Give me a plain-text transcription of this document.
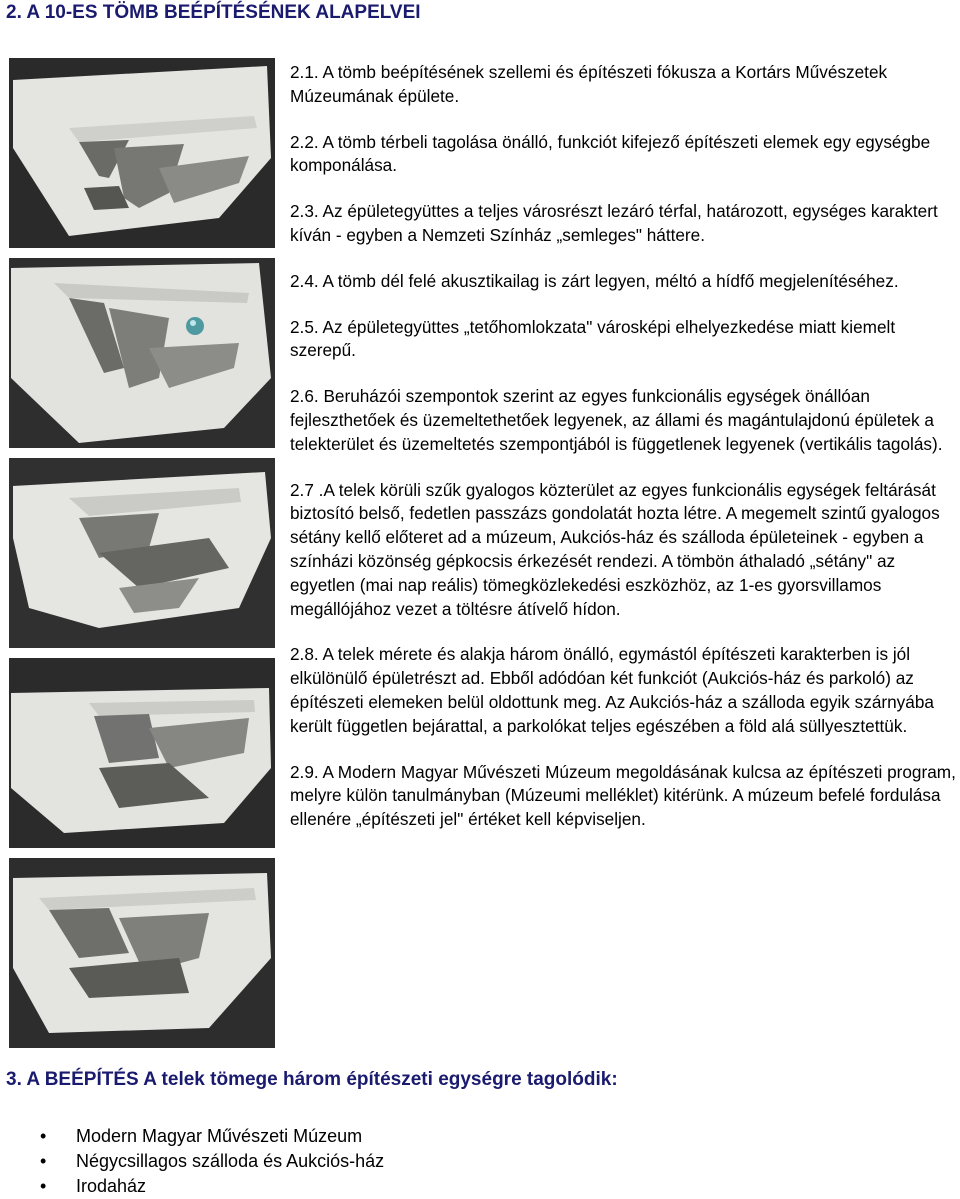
2. A 10-ES TÖMB BEÉPÍTÉSÉNEK ALAPELVEI

2.1. A tömb beépítésének szellemi és építészeti fókusza a Kortárs Művészetek Múzeumának épülete.

2.2. A tömb térbeli tagolása önálló, funkciót kifejező építészeti elemek egy egységbe komponálása.

2.3. Az épületegyüttes a teljes városrészt lezáró térfal, határozott, egységes karaktert kíván - egyben a Nemzeti Színház „semleges" háttere.

2.4. A tömb dél felé akusztikailag is zárt legyen, méltó a hídfő megjelenítéséhez.

2.5. Az épületegyüttes „tetőhomlokzata" városképi elhelyezkedése miatt kiemelt szerepű.

2.6. Beruházói szempontok szerint az egyes funkcionális egységek önállóan fejleszthetőek és üzemeltethetőek legyenek, az állami és magántulajdonú épületek a telekterület és üzemeltetés szempontjából is függetlenek legyenek (vertikális tagolás).

2.7 .A telek körüli szűk gyalogos közterület az egyes funkcionális egységek feltárását biztosító belső, fedetlen passzázs gondolatát hozta létre. A megemelt szintű gyalogos sétány kellő előteret ad a múzeum, Aukciós-ház és szálloda épületeinek - egyben a színházi közönség gépkocsis érkezését rendezi. A tömbön áthaladó „sétány" az egyetlen (mai nap reális) tömegközlekedési eszközhöz, az 1-es gyorsvillamos megállójához vezet a töltésre átívelő hídon.

2.8. A telek mérete és alakja három önálló, egymástól építészeti karakterben is jól elkülönülő épületrészt ad. Ebből adódóan két funkciót (Aukciós-ház és parkoló) az építészeti elemeken belül oldottunk meg. Az Aukciós-ház a szálloda egyik szárnyába került független bejárattal, a parkolókat teljes egészében a föld alá süllyesztettük.

2.9. A Modern Magyar Művészeti Múzeum megoldásának kulcsa az építészeti program, melyre külön tanulmányban (Múzeumi melléklet) kitérünk. A múzeum befelé fordulása ellenére „építészeti jel" értéket kell képviseljen.

3. A BEÉPÍTÉS A telek tömege három építészeti egységre tagolódik:
• Modern Magyar Művészeti Múzeum
• Négycsillagos szálloda és Aukciós-ház
• Irodaház
